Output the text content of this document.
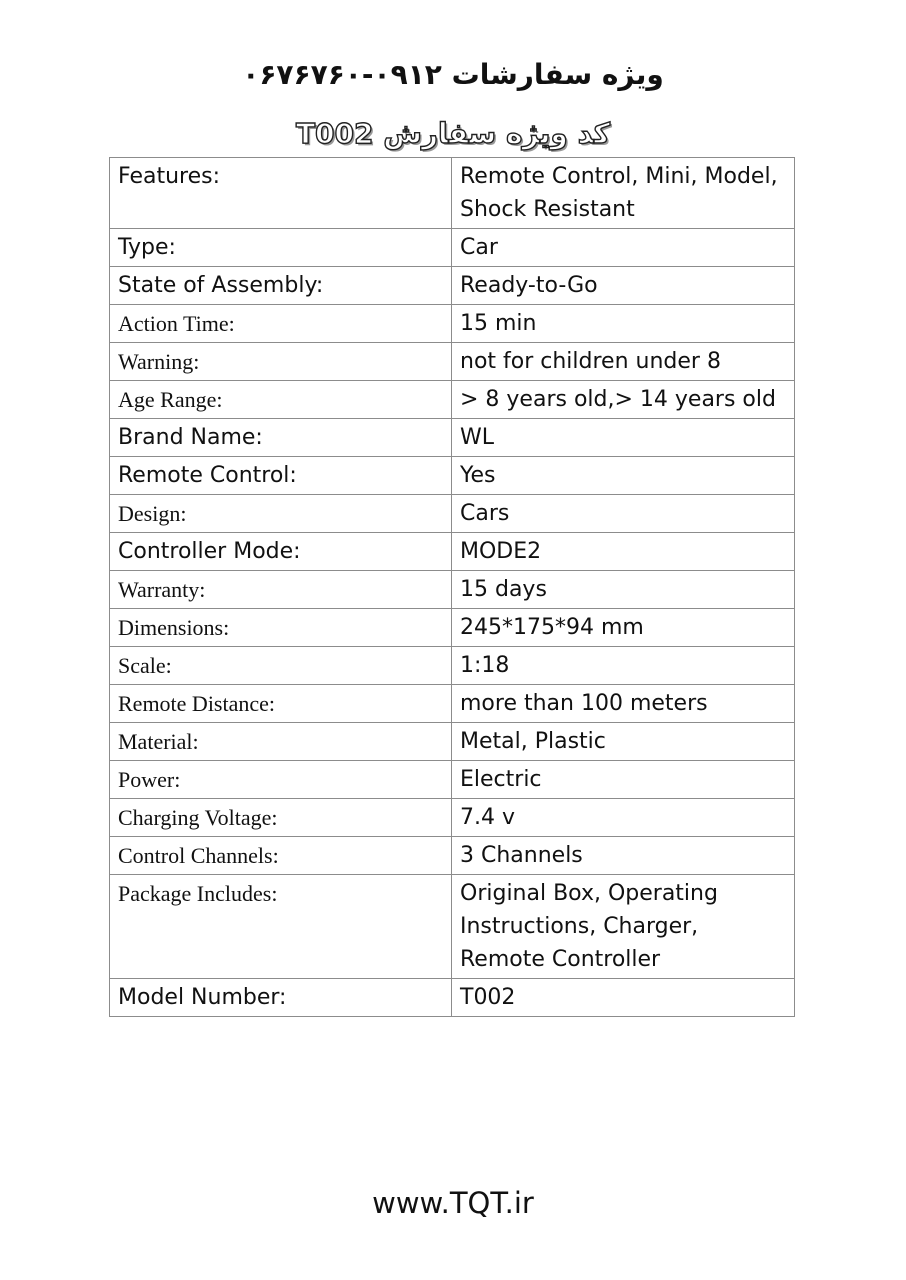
ویژه سفارشات ۰۹۱۲-۰۶۷۶۷۶۰
کد ویژه سفارش T002
Features:	Remote Control, Mini, Model, Shock Resistant
Type:	Car
State of Assembly:	Ready-to-Go
Action Time:	15 min
Warning:	not for children under 8
Age Range:	> 8 years old,> 14 years old
Brand Name:	WL
Remote Control:	Yes
Design:	Cars
Controller Mode:	MODE2
Warranty:	15 days
Dimensions:	245*175*94 mm
Scale:	1:18
Remote Distance:	more than 100 meters
Material:	Metal, Plastic
Power:	Electric
Charging Voltage:	7.4 v
Control Channels:	3 Channels
Package Includes:	Original Box, Operating Instructions, Charger, Remote Controller
Model Number:	T002
www.TQT.ir
